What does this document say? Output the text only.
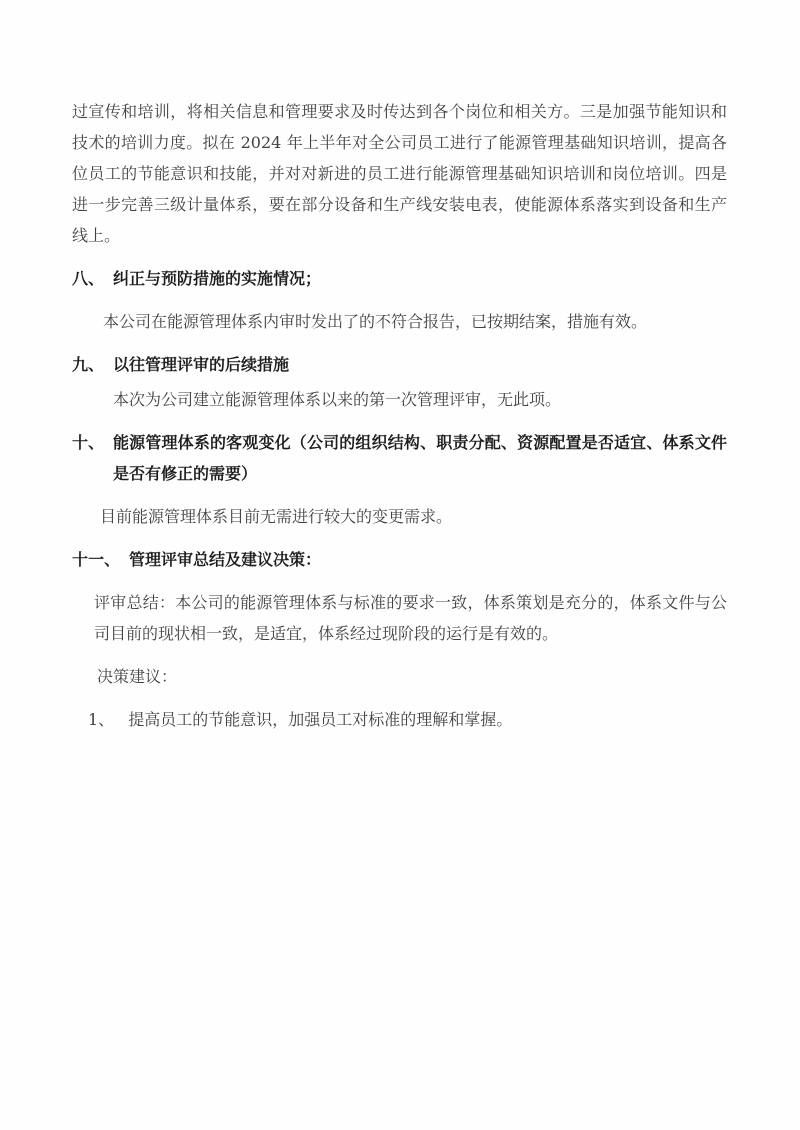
过宣传和培训，将相关信息和管理要求及时传达到各个岗位和相关方。三是加强节能知识和技术的培训力度。拟在 2024 年上半年对全公司员工进行了能源管理基础知识培训，提高各位员工的节能意识和技能，并对对新进的员工进行能源管理基础知识培训和岗位培训。四是进一步完善三级计量体系，要在部分设备和生产线安装电表，使能源体系落实到设备和生产线上。

八、 纠正与预防措施的实施情况；

本公司在能源管理体系内审时发出了的不符合报告，已按期结案，措施有效。

九、 以往管理评审的后续措施

本次为公司建立能源管理体系以来的第一次管理评审，无此项。

十、 能源管理体系的客观变化（公司的组织结构、职责分配、资源配置是否适宜、体系文件是否有修正的需要）

目前能源管理体系目前无需进行较大的变更需求。

十一、 管理评审总结及建议决策：

评审总结：本公司的能源管理体系与标准的要求一致，体系策划是充分的，体系文件与公司目前的现状相一致，是适宜，体系经过现阶段的运行是有效的。

决策建议：

1、 提高员工的节能意识，加强员工对标准的理解和掌握。
